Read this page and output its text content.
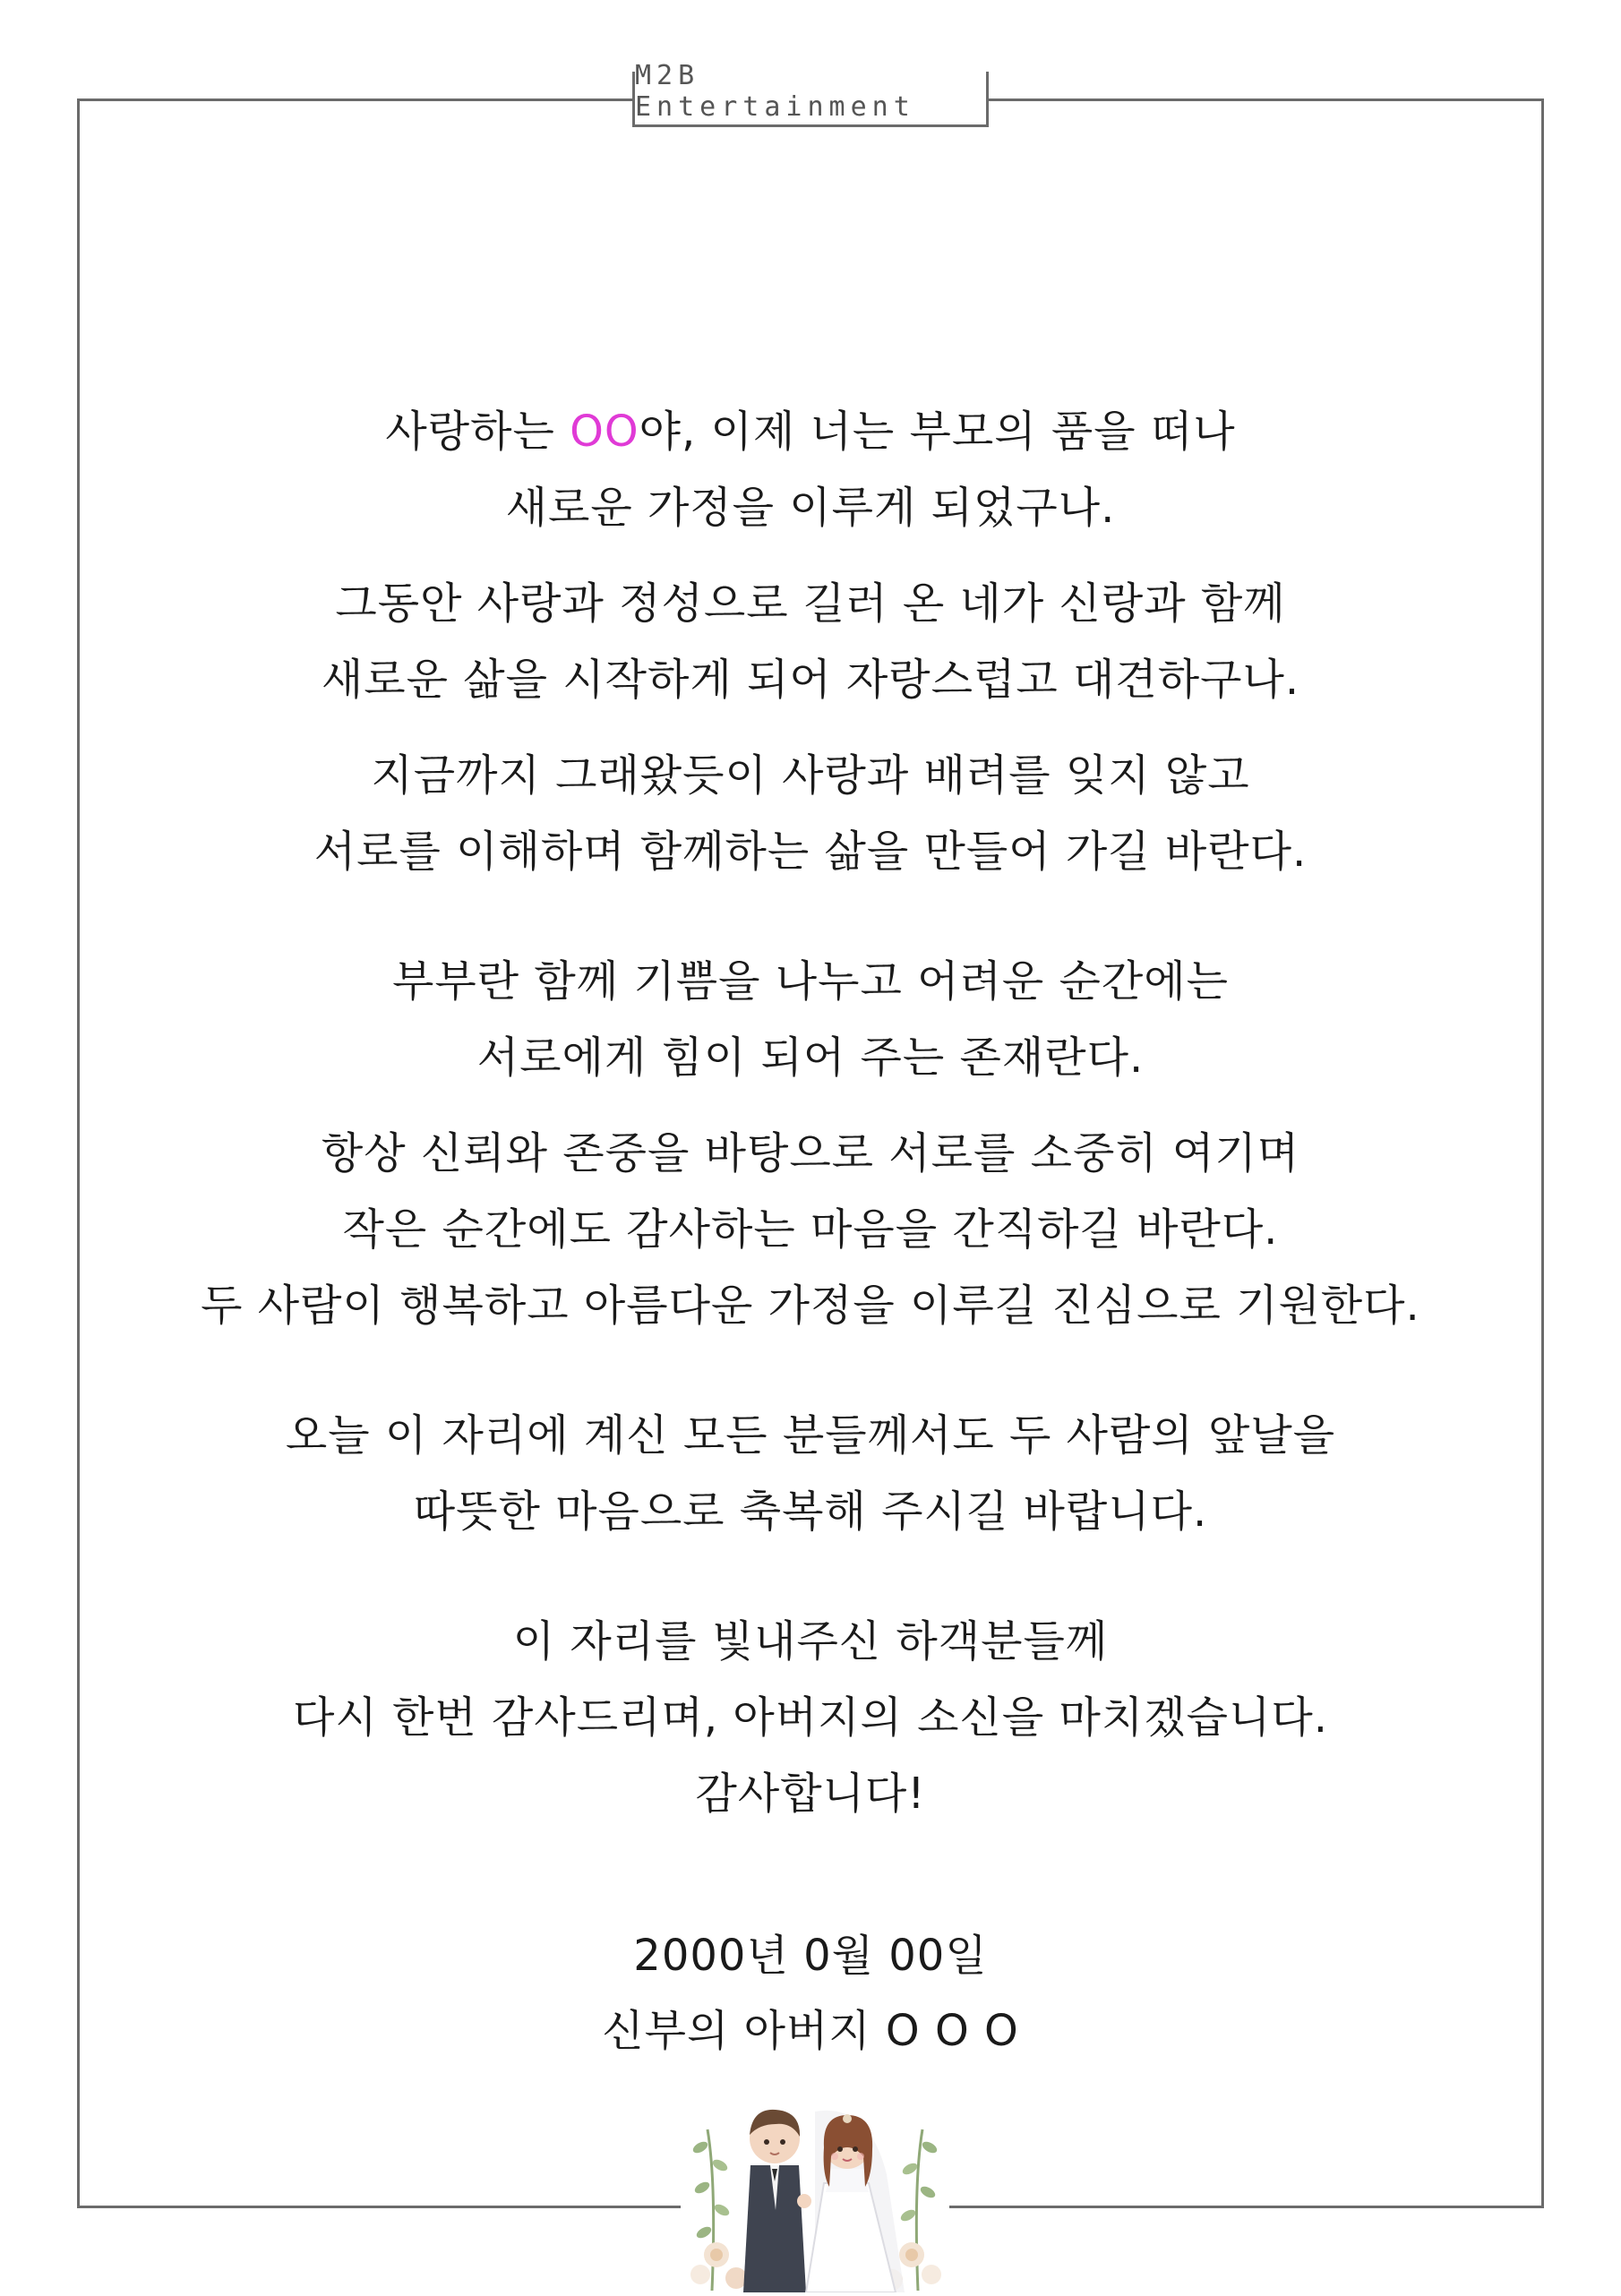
M2B Entertainment
사랑하는 OO야, 이제 너는 부모의 품을 떠나
새로운 가정을 이루게 되었구나.
그동안 사랑과 정성으로 길러 온 네가 신랑과 함께
새로운 삶을 시작하게 되어 자랑스럽고 대견하구나.
지금까지 그래왔듯이 사랑과 배려를 잊지 않고
서로를 이해하며 함께하는 삶을 만들어 가길 바란다.
부부란 함께 기쁨을 나누고 어려운 순간에는
서로에게 힘이 되어 주는 존재란다.
항상 신뢰와 존중을 바탕으로 서로를 소중히 여기며
작은 순간에도 감사하는 마음을 간직하길 바란다.
두 사람이 행복하고 아름다운 가정을 이루길 진심으로 기원한다.
오늘 이 자리에 계신 모든 분들께서도 두 사람의 앞날을
따뜻한 마음으로 축복해 주시길 바랍니다.
이 자리를 빛내주신 하객분들께
다시 한번 감사드리며, 아버지의 소신을 마치겠습니다.
감사합니다!
2000년 0월 00일
신부의 아버지 O O O
